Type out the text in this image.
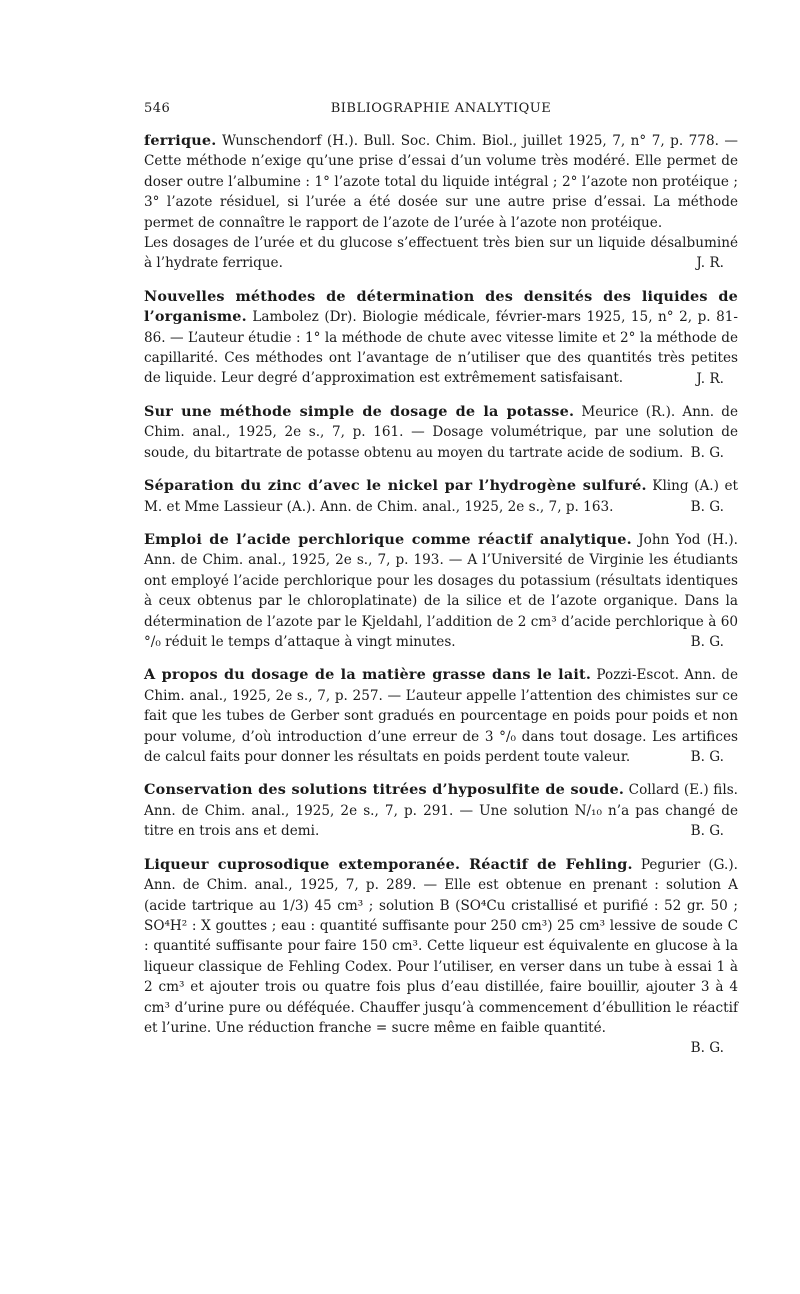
546	BIBLIOGRAPHIE ANALYTIQUE
ferrique. Wunschendorf (H.). Bull. Soc. Chim. Biol., juillet 1925, 7, n° 7, p. 778. — Cette méthode n’exige qu’une prise d’essai d’un volume très modéré. Elle permet de doser outre l’albumine : 1° l’azote total du liquide intégral ; 2° l’azote non protéique ; 3° l’azote résiduel, si l’urée a été dosée sur une autre prise d’essai. La méthode permet de connaître le rapport de l’azote de l’urée à l’azote non protéique.
Les dosages de l’urée et du glucose s’effectuent très bien sur un liquide désalbuminé à l’hydrate ferrique.	J. R.
Nouvelles méthodes de détermination des densités des liquides de l’organisme. Lambolez (Dr). Biologie médicale, février-mars 1925, 15, n° 2, p. 81-86. — L’auteur étudie : 1° la méthode de chute avec vitesse limite et 2° la méthode de capillarité. Ces méthodes ont l’avantage de n’utiliser que des quantités très petites de liquide. Leur degré d’approximation est extrêmement satisfaisant.	J. R.
Sur une méthode simple de dosage de la potasse. Meurice (R.). Ann. de Chim. anal., 1925, 2e s., 7, p. 161. — Dosage volumétrique, par une solution de soude, du bitartrate de potasse obtenu au moyen du tartrate acide de sodium. B. G.
Séparation du zinc d’avec le nickel par l’hydrogène sulfuré. Kling (A.) et M. et Mme Lassieur (A.). Ann. de Chim. anal., 1925, 2e s., 7, p. 163.	B. G.
Emploi de l’acide perchlorique comme réactif analytique. John Yod (H.). Ann. de Chim. anal., 1925, 2e s., 7, p. 193. — A l’Université de Virginie les étudiants ont employé l’acide perchlorique pour les dosages du potassium (résultats identiques à ceux obtenus par le chloroplatinate) de la silice et de l’azote organique. Dans la détermination de l’azote par le Kjeldahl, l’addition de 2 cm³ d’acide perchlorique à 60 °/₀ réduit le temps d’attaque à vingt minutes.	B. G.
A propos du dosage de la matière grasse dans le lait. Pozzi-Escot. Ann. de Chim. anal., 1925, 2e s., 7, p. 257. — L’auteur appelle l’attention des chimistes sur ce fait que les tubes de Gerber sont gradués en pourcentage en poids pour poids et non pour volume, d’où introduction d’une erreur de 3 °/₀ dans tout dosage. Les artifices de calcul faits pour donner les résultats en poids perdent toute valeur.	B. G.
Conservation des solutions titrées d’hyposulfite de soude. Collard (E.) fils. Ann. de Chim. anal., 1925, 2e s., 7, p. 291. — Une solution N/₁₀ n’a pas changé de titre en trois ans et demi.	B. G.
Liqueur cuprosodique extemporanée. Réactif de Fehling. Pegurier (G.). Ann. de Chim. anal., 1925, 7, p. 289. — Elle est obtenue en prenant : solution A (acide tartrique au 1/3) 45 cm³ ; solution B (SO⁴Cu cristallisé et purifié : 52 gr. 50 ; SO⁴H² : X gouttes ; eau : quantité suffisante pour 250 cm³) 25 cm³ lessive de soude C : quantité suffisante pour faire 150 cm³. Cette liqueur est équivalente en glucose à la liqueur classique de Fehling Codex. Pour l’utiliser, en verser dans un tube à essai 1 à 2 cm³ et ajouter trois ou quatre fois plus d’eau distillée, faire bouillir, ajouter 3 à 4 cm³ d’urine pure ou déféquée. Chauffer jusqu’à commencement d’ébullition le réactif et l’urine. Une réduction franche = sucre même en faible quantité.
B. G.
